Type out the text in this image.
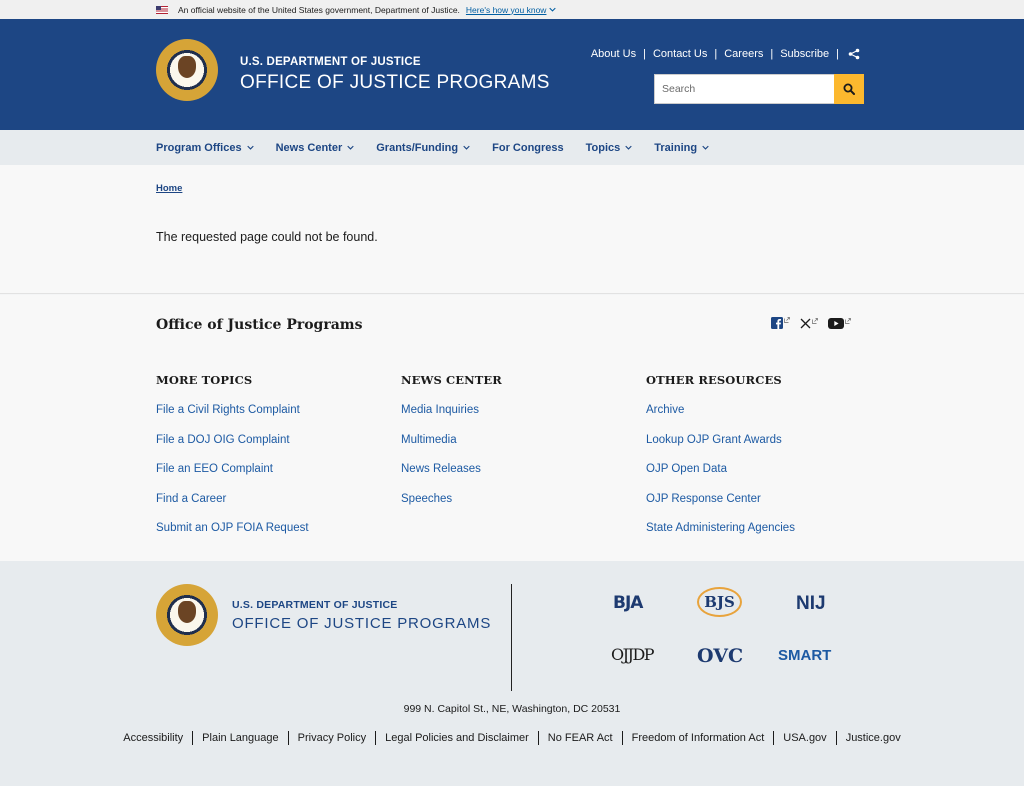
An official website of the United States government, Department of Justice. Here's how you know
U.S. DEPARTMENT OF JUSTICE
OFFICE OF JUSTICE PROGRAMS
About Us | Contact Us | Careers | Subscribe |
Search
Program Offices	News Center	Grants/Funding	For Congress Topics	Training
Home

The requested page could not be found.

Office of Justice Programs
MORE TOPICS
File a Civil Rights Complaint
File a DOJ OIG Complaint
File an EEO Complaint
Find a Career
Submit an OJP FOIA Request
NEWS CENTER
Media Inquiries
Multimedia
News Releases
Speeches
OTHER RESOURCES
Archive
Lookup OJP Grant Awards
OJP Open Data
OJP Response Center
State Administering Agencies
U.S. DEPARTMENT OF JUSTICE
OFFICE OF JUSTICE PROGRAMS
BJA	BJS	NIJ
OJJDP OVC SMART
999 N. Capitol St., NE, Washington, DC 20531
Accessibility Plain Language Privacy Policy Legal Policies and Disclaimer No FEAR Act Freedom of Information Act USA.gov Justice.gov
